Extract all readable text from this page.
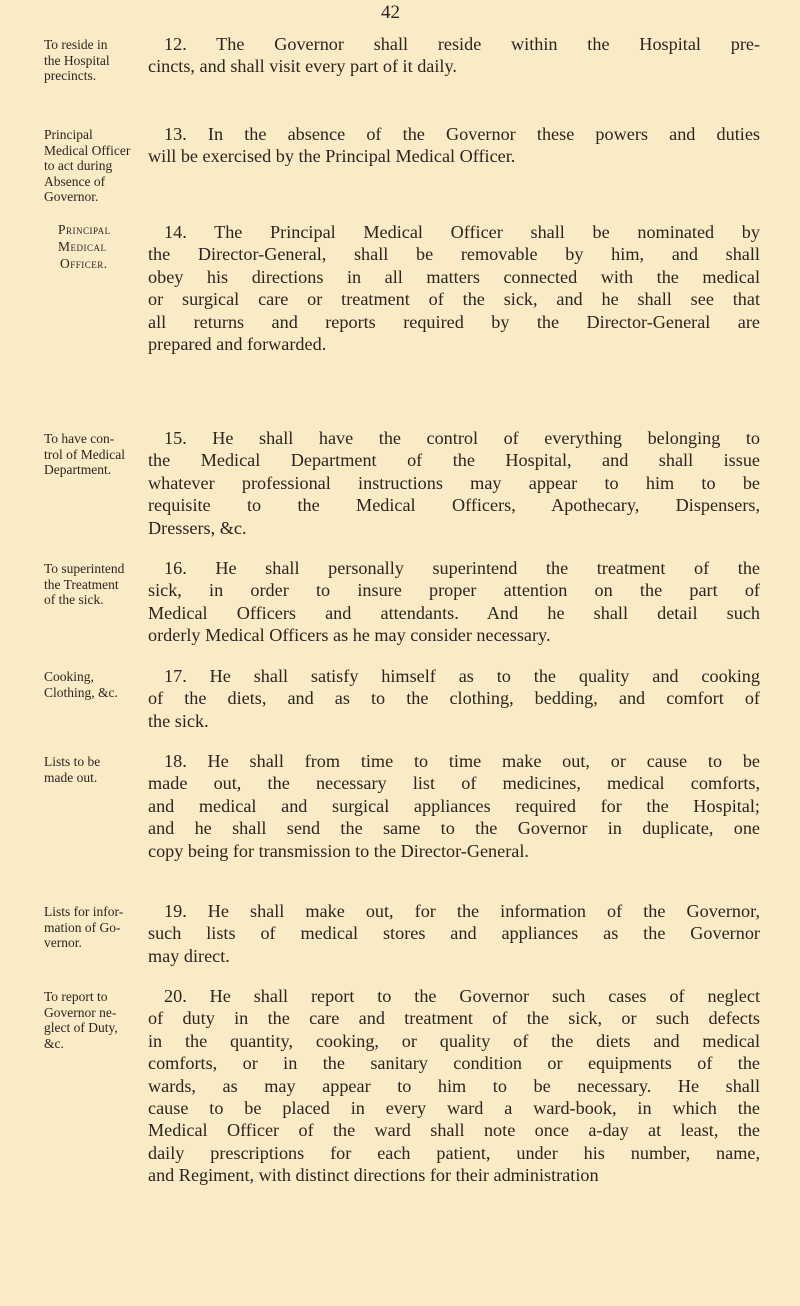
42
To reside in
the Hospital
precincts.
12. The Governor shall reside within the Hospital pre-
cincts, and shall visit every part of it daily.
Principal
Medical Officer
to act during
Absence of
Governor.
13. In the absence of the Governor these powers and duties
will be exercised by the Principal Medical Officer.
Principal
Medical
Officer.
14. The Principal Medical Officer shall be nominated by
the Director-General, shall be removable by him, and shall
obey his directions in all matters connected with the medical
or surgical care or treatment of the sick, and he shall see that
all returns and reports required by the Director-General are
prepared and forwarded.
To have con-
trol of Medical
Department.
15. He shall have the control of everything belonging to
the Medical Department of the Hospital, and shall issue
whatever professional instructions may appear to him to be
requisite to the Medical Officers, Apothecary, Dispensers,
Dressers, &c.
To superintend
the Treatment
of the sick.
16. He shall personally superintend the treatment of the
sick, in order to insure proper attention on the part of
Medical Officers and attendants. And he shall detail such
orderly Medical Officers as he may consider necessary.
Cooking,
Clothing, &c.
17. He shall satisfy himself as to the quality and cooking
of the diets, and as to the clothing, bedding, and comfort of
the sick.
Lists to be
made out.
18. He shall from time to time make out, or cause to be
made out, the necessary list of medicines, medical comforts,
and medical and surgical appliances required for the Hospital;
and he shall send the same to the Governor in duplicate, one
copy being for transmission to the Director-General.
Lists for infor-
mation of Go-
vernor.
19. He shall make out, for the information of the Governor,
such lists of medical stores and appliances as the Governor
may direct.
To report to
Governor ne-
glect of Duty,
&c.
20. He shall report to the Governor such cases of neglect
of duty in the care and treatment of the sick, or such defects
in the quantity, cooking, or quality of the diets and medical
comforts, or in the sanitary condition or equipments of the
wards, as may appear to him to be necessary. He shall
cause to be placed in every ward a ward-book, in which the
Medical Officer of the ward shall note once a-day at least, the
daily prescriptions for each patient, under his number, name,
and Regiment, with distinct directions for their administration
